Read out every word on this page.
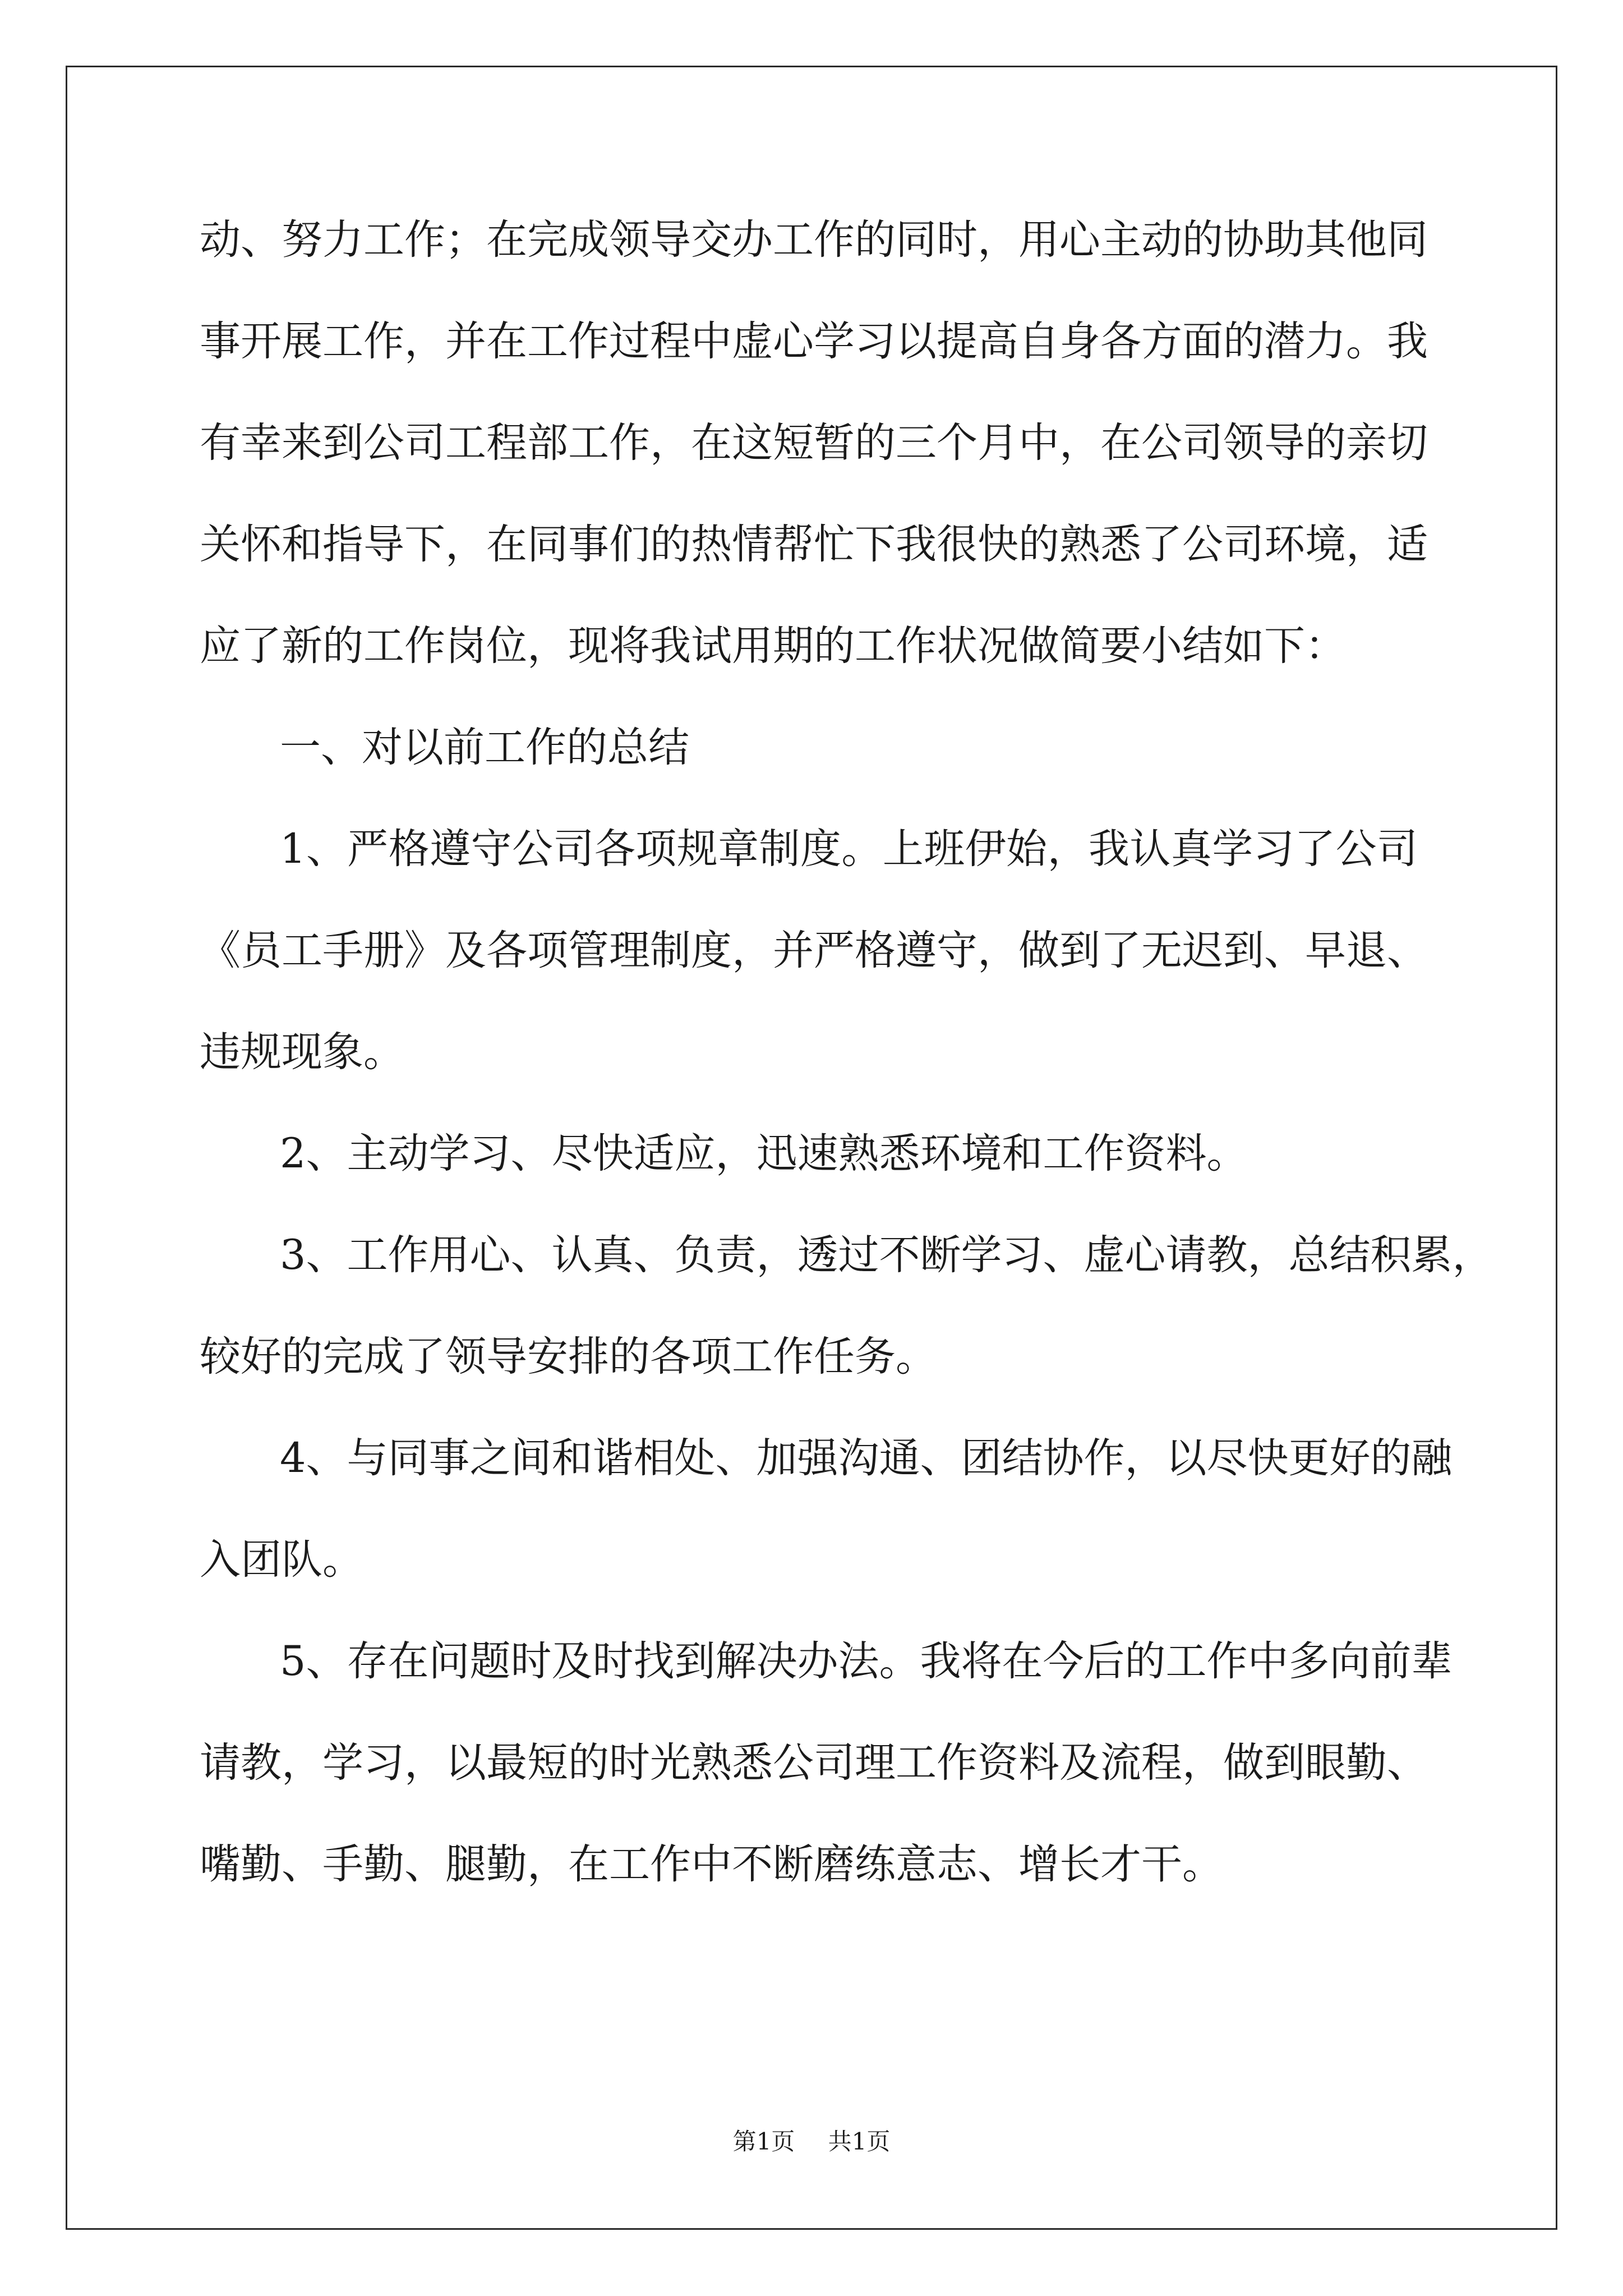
动、努力工作；在完成领导交办工作的同时，用心主动的协助其他同
事开展工作，并在工作过程中虚心学习以提高自身各方面的潜力。我
有幸来到公司工程部工作，在这短暂的三个月中，在公司领导的亲切
关怀和指导下，在同事们的热情帮忙下我很快的熟悉了公司环境，适
应了新的工作岗位，现将我试用期的工作状况做简要小结如下：
一、对以前工作的总结
1、严格遵守公司各项规章制度。上班伊始，我认真学习了公司
《员工手册》及各项管理制度，并严格遵守，做到了无迟到、早退、
违规现象。
2、主动学习、尽快适应，迅速熟悉环境和工作资料。
3、工作用心、认真、负责，透过不断学习、虚心请教，总结积累，
较好的完成了领导安排的各项工作任务。
4、与同事之间和谐相处、加强沟通、团结协作，以尽快更好的融
入团队。
5、存在问题时及时找到解决办法。我将在今后的工作中多向前辈
请教，学习，以最短的时光熟悉公司理工作资料及流程，做到眼勤、
嘴勤、手勤、腿勤，在工作中不断磨练意志、增长才干。
第1页 共1页
